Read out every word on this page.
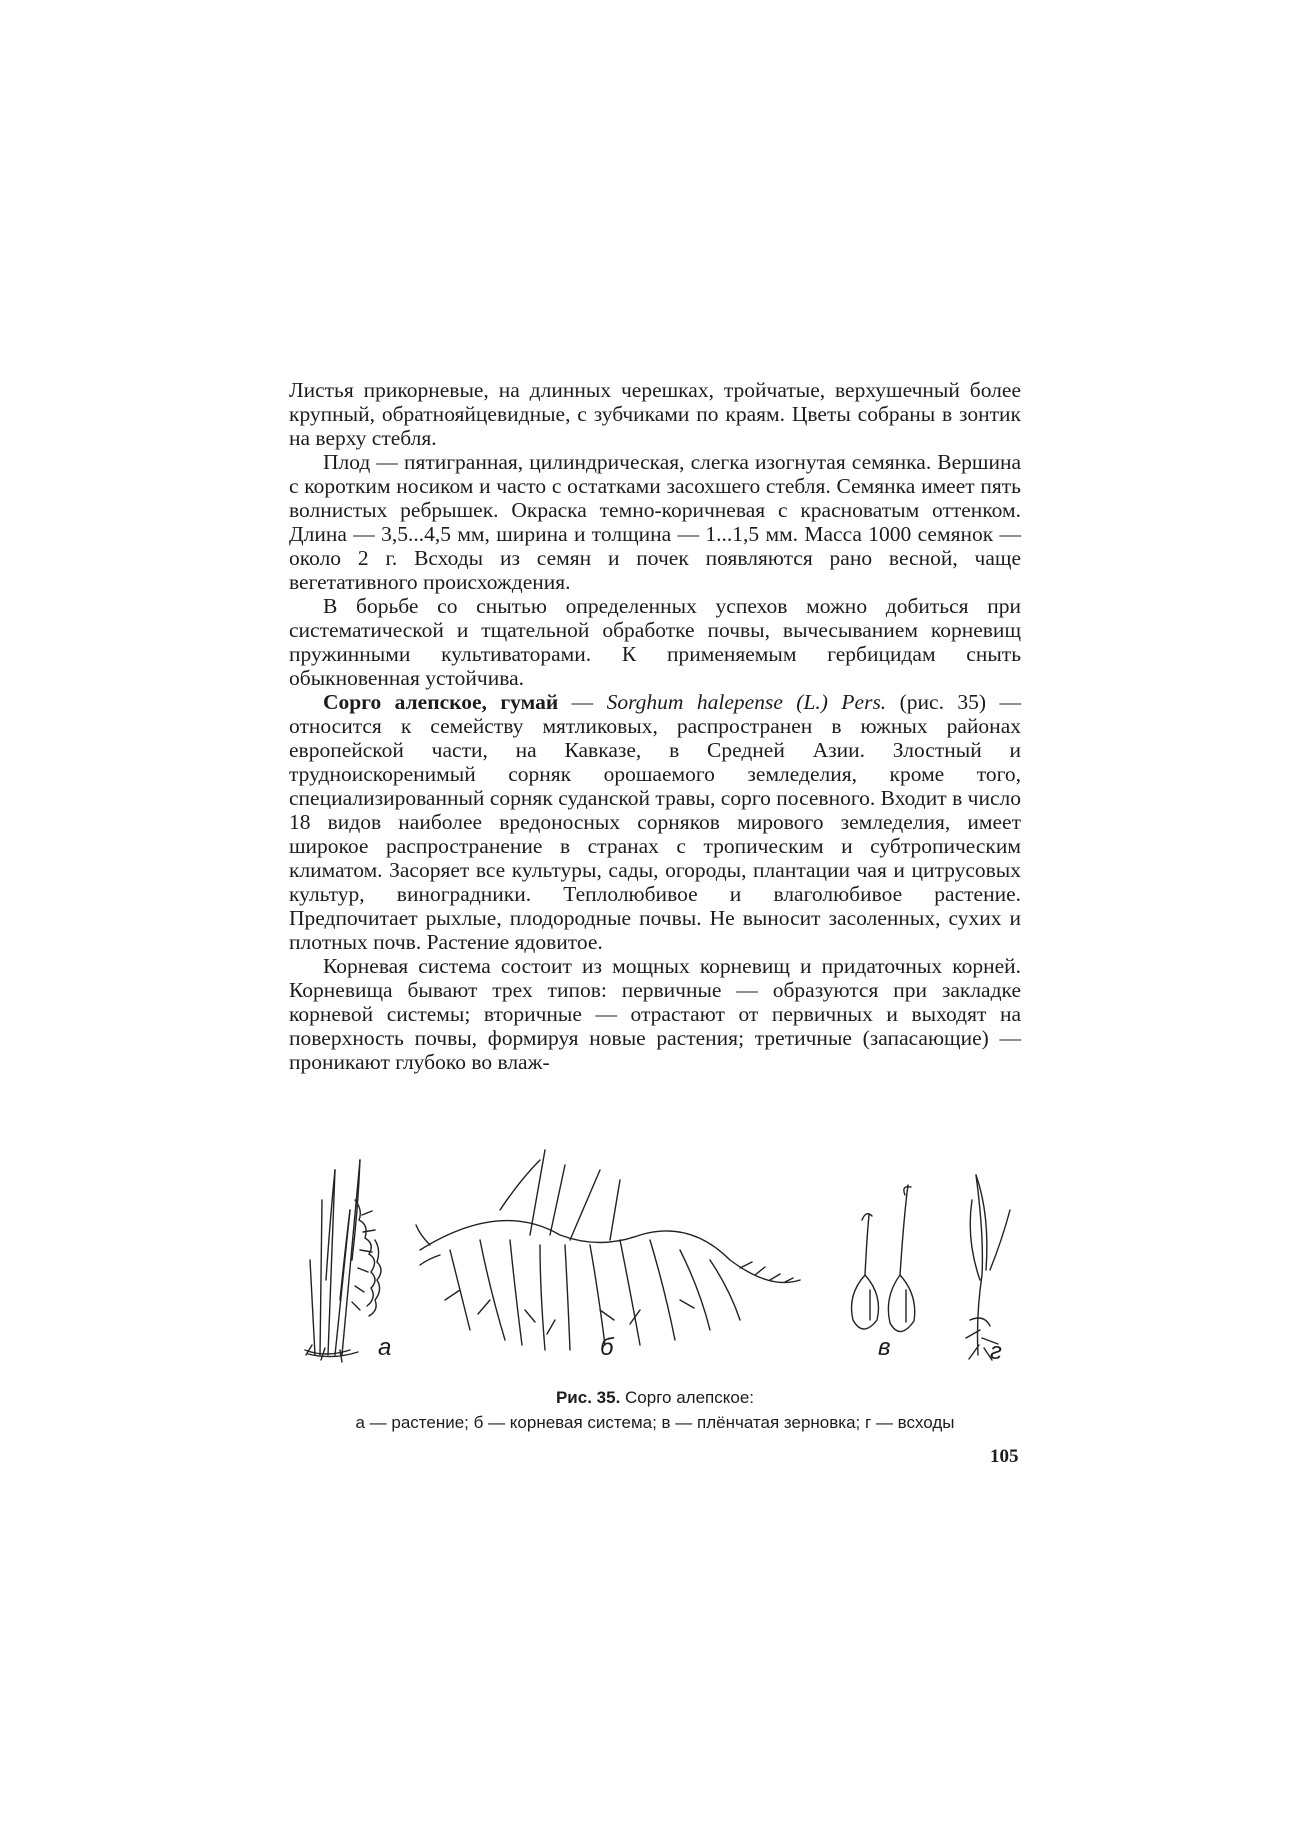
Листья прикорневые, на длинных черешках, тройчатые, верхушечный более крупный, обратнояйцевидные, с зубчиками по краям. Цветы собраны в зонтик на верху стебля.

Плод — пятигранная, цилиндрическая, слегка изогнутая семянка. Вершина с коротким носиком и часто с остатками засохшего стебля. Семянка имеет пять волнистых ребрышек. Окраска темно-коричневая с красноватым оттенком. Длина — 3,5...4,5 мм, ширина и толщина — 1...1,5 мм. Масса 1000 семянок — около 2 г. Всходы из семян и почек появляются рано весной, чаще вегетативного происхождения.

В борьбе со снытью определенных успехов можно добиться при систематической и тщательной обработке почвы, вычесыванием корневищ пружинными культиваторами. К применяемым гербицидам сныть обыкновенная устойчива.

Сорго алепское, гумай — Sorghum halepense (L.) Pers. (рис. 35) — относится к семейству мятликовых, распространен в южных районах европейской части, на Кавказе, в Средней Азии. Злостный и трудноискоренимый сорняк орошаемого земледелия, кроме того, специализированный сорняк суданской травы, сорго посевного. Входит в число 18 видов наиболее вредоносных сорняков мирового земледелия, имеет широкое распространение в странах с тропическим и субтропическим климатом. Засоряет все культуры, сады, огороды, плантации чая и цитрусовых культур, виноградники. Теплолюбивое и влаголюбивое растение. Предпочитает рыхлые, плодородные почвы. Не выносит засоленных, сухих и плотных почв. Растение ядовитое.

Корневая система состоит из мощных корневищ и придаточных корней. Корневища бывают трех типов: первичные — образуются при закладке корневой системы; вторичные — отрастают от первичных и выходят на поверхность почвы, формируя новые растения; третичные (запасающие) — проникают глубоко во влаж-

а	б	в	г
Рис. 35. Сорго алепское:
а — растение; б — корневая система; в — плёнчатая зерновка; г — всходы
105
